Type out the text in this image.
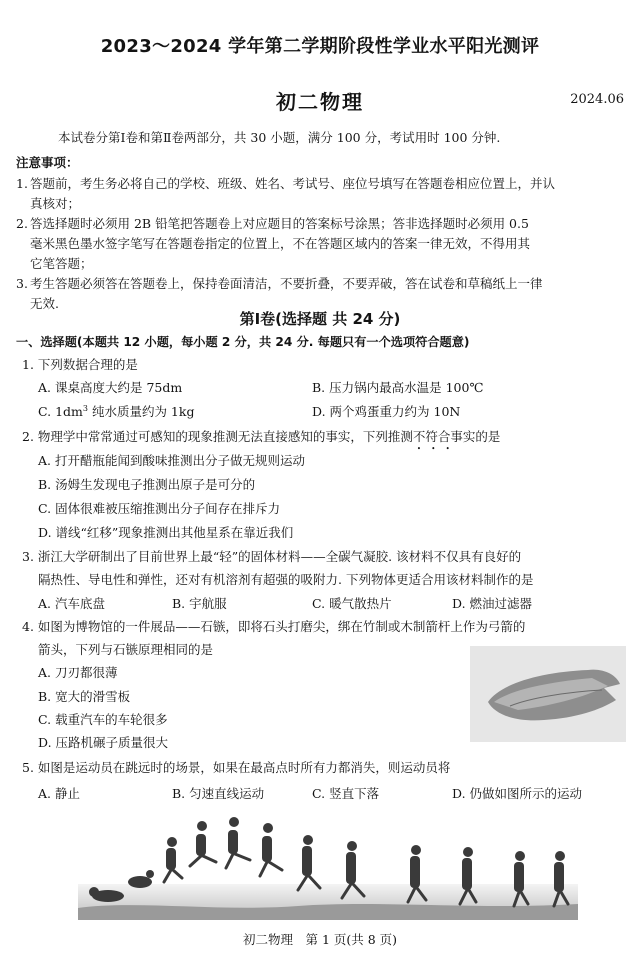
2023～2024 学年第二学期阶段性学业水平阳光测评
初二物理	2024.06
本试卷分第Ⅰ卷和第Ⅱ卷两部分，共 30 小题，满分 100 分，考试用时 100 分钟.
注意事项：
1. 答题前，考生务必将自己的学校、班级、姓名、考试号、座位号填写在答题卷相应位置上，并认
真核对；
2. 答选择题时必须用 2B 铅笔把答题卷上对应题目的答案标号涂黑；答非选择题时必须用 0.5
毫米黑色墨水签字笔写在答题卷指定的位置上，不在答题区域内的答案一律无效，不得用其
它笔答题；
3. 考生答题必须答在答题卷上，保持卷面清洁，不要折叠，不要弄破，答在试卷和草稿纸上一律
无效.
第Ⅰ卷(选择题 共 24 分)
一、选择题(本题共 12 小题，每小题 2 分，共 24 分. 每题只有一个选项符合题意)
1. 下列数据合理的是
A. 课桌高度大约是 75dm	B. 压力锅内最高水温是 100℃
C. $1dm^3$ 纯水质量约为 1kg	D. 两个鸡蛋重力约为 10N
2. 物理学中常常通过可感知的现象推测无法直接感知的事实，下列推测不符合 • • •事实的是
A. 打开醋瓶能闻到酸味推测出分子做无规则运动
B. 汤姆生发现电子推测出原子是可分的
C. 固体很难被压缩推测出分子间存在排斥力
D. 谱线“红移”现象推测出其他星系在靠近我们
3. 浙江大学研制出了目前世界上最“轻”的固体材料——全碳气凝胶. 该材料不仅具有良好的
隔热性、导电性和弹性，还对有机溶剂有超强的吸附力. 下列物体更适合用该材料制作的是
A. 汽车底盘	B. 宇航服	C. 暖气散热片	D. 燃油过滤器
4. 如图为博物馆的一件展品——石镞，即将石头打磨尖，绑在竹制或木制箭杆上作为弓箭的
箭头，下列与石镞原理相同的是
A. 刀刃都很薄
B. 宽大的滑雪板
C. 载重汽车的车轮很多
D. 压路机碾子质量很大
5. 如图是运动员在跳远时的场景，如果在最高点时所有力都消失，则运动员将
A. 静止	B. 匀速直线运动	C. 竖直下落	D. 仍做如图所示的运动
初二物理　第 1 页(共 8 页)
